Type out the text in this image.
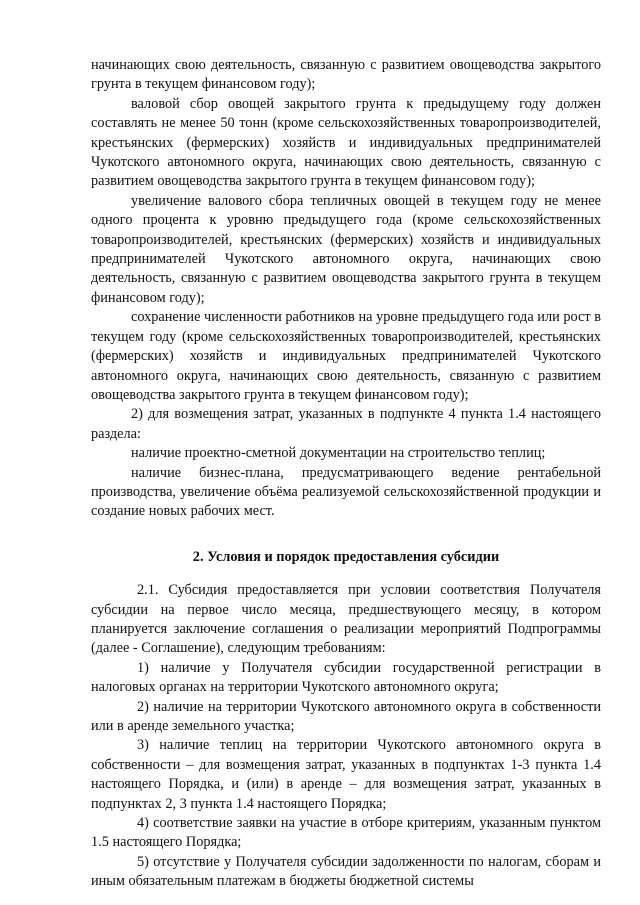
начинающих свою деятельность, связанную с развитием овощеводства закрытого грунта в текущем финансовом году);

валовой сбор овощей закрытого грунта к предыдущему году должен составлять не менее 50 тонн (кроме сельскохозяйственных товаропроизводителей, крестьянских (фермерских) хозяйств и индивидуальных предпринимателей Чукотского автономного округа, начинающих свою деятельность, связанную с развитием овощеводства закрытого грунта в текущем финансовом году);

увеличение валового сбора тепличных овощей в текущем году не менее одного процента к уровню предыдущего года (кроме сельскохозяйственных товаропроизводителей, крестьянских (фермерских) хозяйств и индивидуальных предпринимателей Чукотского автономного округа, начинающих свою деятельность, связанную с развитием овощеводства закрытого грунта в текущем финансовом году);

сохранение численности работников на уровне предыдущего года или рост в текущем году (кроме сельскохозяйственных товаропроизводителей, крестьянских (фермерских) хозяйств и индивидуальных предпринимателей Чукотского автономного округа, начинающих свою деятельность, связанную с развитием овощеводства закрытого грунта в текущем финансовом году);

2) для возмещения затрат, указанных в подпункте 4 пункта 1.4 настоящего раздела:

наличие проектно-сметной документации на строительство теплиц;

наличие бизнес-плана, предусматривающего ведение рентабельной производства, увеличение объёма реализуемой сельскохозяйственной продукции и создание новых рабочих мест.

2. Условия и порядок предоставления субсидии

2.1. Субсидия предоставляется при условии соответствия Получателя субсидии на первое число месяца, предшествующего месяцу, в котором планируется заключение соглашения о реализации мероприятий Подпрограммы (далее - Соглашение), следующим требованиям:

1) наличие у Получателя субсидии государственной регистрации в налоговых органах на территории Чукотского автономного округа;

2) наличие на территории Чукотского автономного округа в собственности или в аренде земельного участка;

3) наличие теплиц на территории Чукотского автономного округа в собственности – для возмещения затрат, указанных в подпунктах 1-3 пункта 1.4 настоящего Порядка, и (или) в аренде – для возмещения затрат, указанных в подпунктах 2, 3 пункта 1.4 настоящего Порядка;

4) соответствие заявки на участие в отборе критериям, указанным пунктом 1.5 настоящего Порядка;

5) отсутствие у Получателя субсидии задолженности по налогам, сборам и иным обязательным платежам в бюджеты бюджетной системы
